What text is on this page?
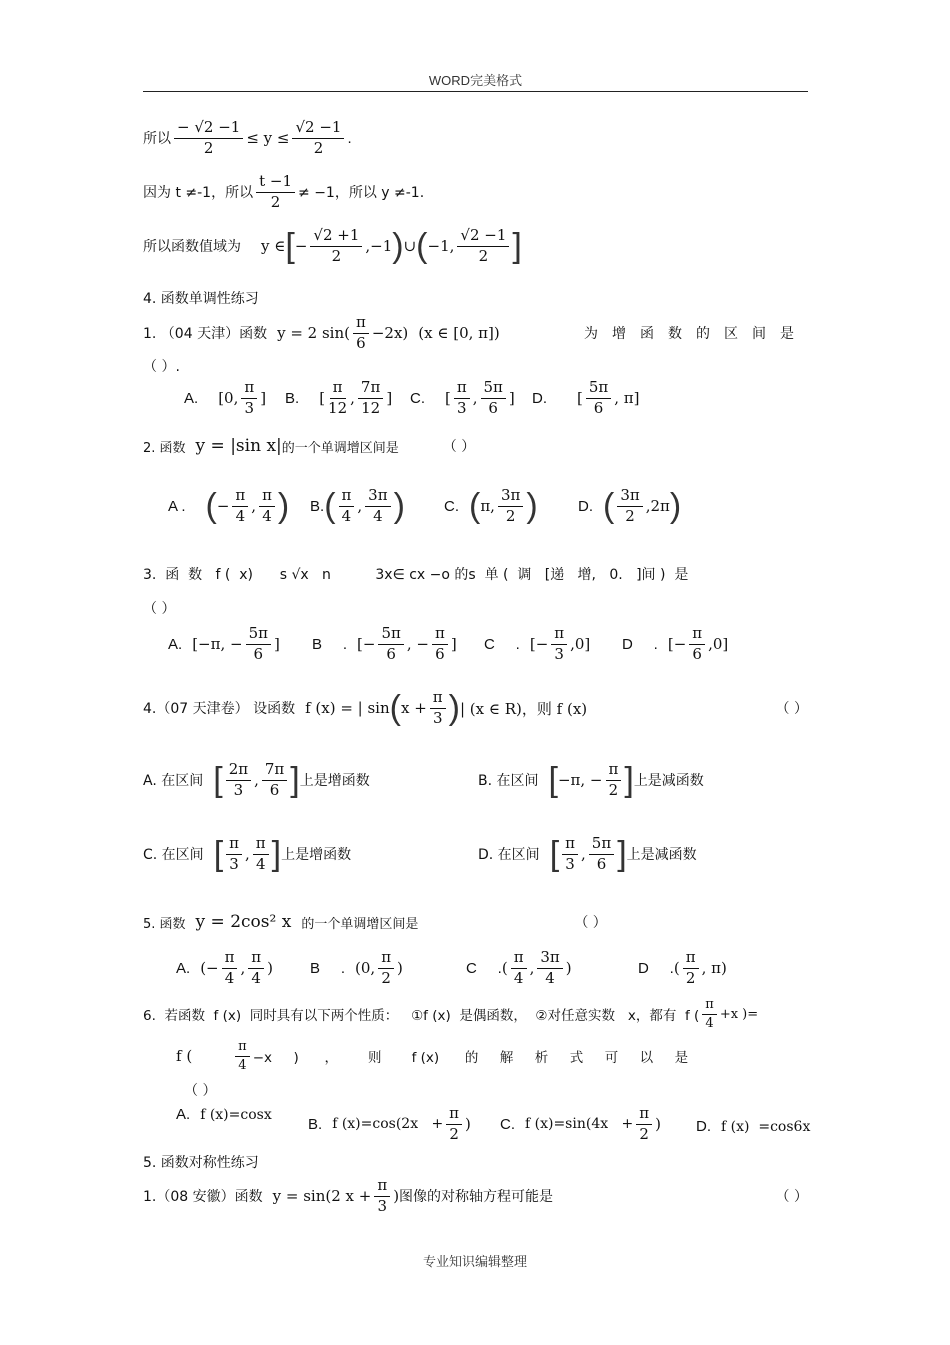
WORD完美格式
所以 $\frac{- √2 -1}{2} \le y \le \frac{√2 -1}{2}$ .
因为 t ≠-1，所以 $\frac{t -1}{2} \ne -1$，所以 y ≠-1.
所以函数值域为 y ∈ [ − $\frac{√2 +1}{2} ,-1$ ) ∪ ( −1, $\frac{√2 -1}{2}$ ]
4. 函数单调性练习
1. （04 天津）函数 y = 2 $\sin( \frac{\pi}{6} -2x)$ (x ∈ [0, π])	为增函数的区间是
（ ）.
A. [0, $\frac{\pi}{3}$ ] B. [ $\frac{\pi}{12}$ , $\frac{7\pi}{12}$ ] C. [ $\frac{\pi}{3}$ , $\frac{5\pi}{6}$ ] D. [ $\frac{5\pi}{6}$ , π]
2. 函数 y = |sin x| 的一个单调增区间是	（ ）
A . ( − $\frac{\pi}{4}$ , $\frac{\pi}{4}$ ) B. ( $\frac{\pi}{4}$ , $\frac{3\pi}{4}$ )	C. ( π, $\frac{3\pi}{2}$ )	D. ( $\frac{3\pi}{2} ,2\pi$ )
3.  函  数   f (  x)      s √x   n          3x∈ cx −o 的s  单 (  调   [递   增,   0.   ]间 )  是
（ ）
A. [−π, − $\frac{5\pi}{6}$ ] B     . [− $\frac{5\pi}{6}$ , − $\frac{\pi}{6}$ ] C     . [− $\frac{\pi}{3} ,0$] D     . [− $\frac{\pi}{6} ,0$]
4.（07 天津卷） 设函数 f (x) = | sin ( $x + \frac{\pi}{3}$ ) | (x ∈ R)，则 f (x)	（ ）
A. 在区间 [ $\frac{2\pi}{3}$ , $\frac{7\pi}{6}$ ] 上是增函数	B. 在区间 [ −π, − $\frac{\pi}{2}$ ] 上是减函数
C. 在区间 [ $\frac{\pi}{3}$ , $\frac{\pi}{4}$ ] 上是增函数	D. 在区间 [ $\frac{\pi}{3}$ , $\frac{5\pi}{6}$ ] 上是减函数
5. 函数 y = 2cos² x 的一个单调增区间是	（ ）
A. (− $\frac{\pi}{4}$ , $\frac{\pi}{4}$ ) B     . (0, $\frac{\pi}{2}$ )	C     . ( $\frac{\pi}{4}$ , $\frac{3\pi}{4}$ )	D     . ( $\frac{\pi}{2}$ , π)
6.  若函数  f (x)  同时具有以下两个性质：   ①f (x)  是偶函数，  ②对任意实数   x，都有  f ( $\frac{\pi}{4} +x$ )=
f (	$\frac{\pi}{4} -x$     )      ，       则       f (x)      的     解     析     式     可     以     是
（ ）
A. f (x)=cosx
B. f $(x)=\cos(2x + \frac{\pi}{2}$ ) C. f $(x)=\sin(4x + \frac{\pi}{2}$ ) D. f (x)  =cos6x
5. 函数对称性练习
1.（08 安徽）函数 y = sin(2 $x + \frac{\pi}{3}$ ) 图像的对称轴方程可能是	（ ）
专业知识编辑整理
